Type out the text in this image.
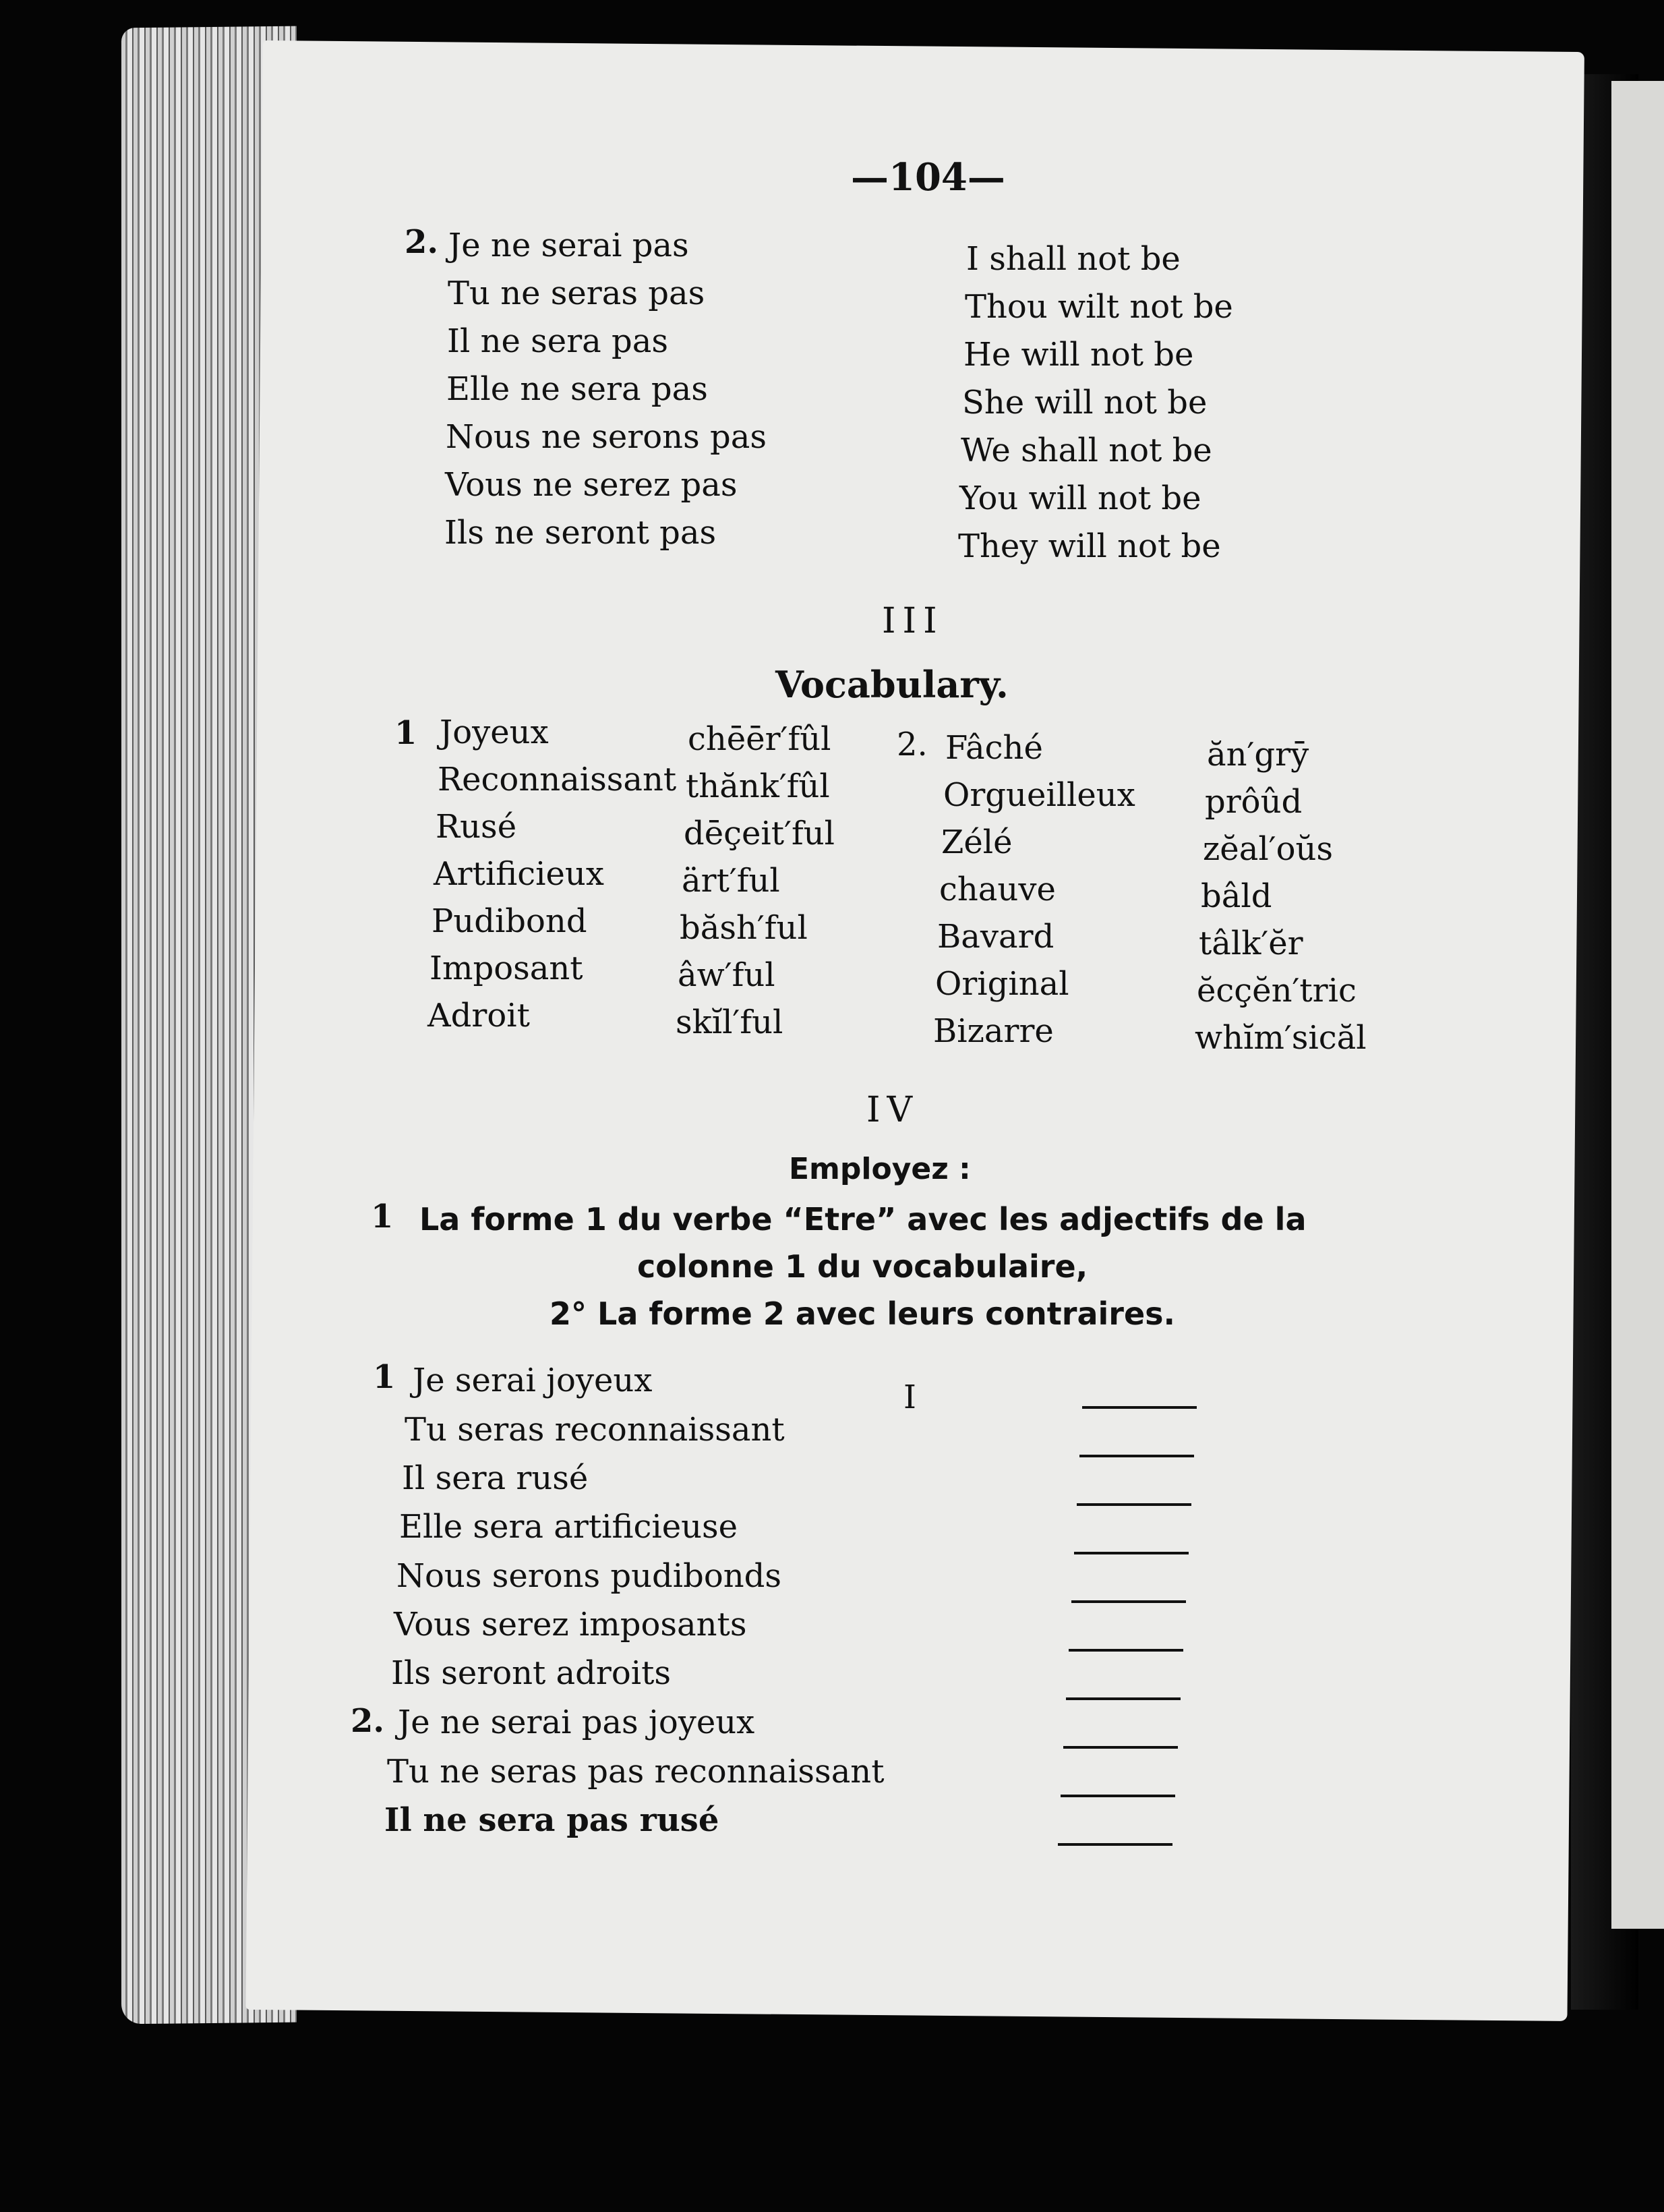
—104—
2. Je ne serai pas
Tu ne seras pas
Il ne sera pas
Elle ne sera pas
Nous ne serons pas
Vous ne serez pas
Ils ne seront pas
I shall not be
Thou wilt not be
He will not be
She will not be
We shall not be
You will not be
They will not be
III
Vocabulary.
1	2.
Joyeux
Reconnaissant
Rusé
Artificieux
Pudibond
Imposant
Adroit
chēēr′fûl
thănk′fûl
dēçeit′ful
ärt′ful
băsh′ful
âw′ful
skĭl′ful
Fâché
Orgueilleux
Zélé
chauve
Bavard
Original
Bizarre
ăn′grȳ
prôûd
zĕal′oŭs
bâld
tâlk′ĕr
ĕcçĕn′tric
whĭm′sicăl
IV
Employez :
1 La forme 1 du verbe “Etre” avec les adjectifs de la
colonne 1 du vocabulaire,
2° La forme 2 avec leurs contraires.
1
2.
I
Je serai joyeux
Tu seras reconnaissant
Il sera rusé
Elle sera artificieuse
Nous serons pudibonds
Vous serez imposants
Ils seront adroits
Je ne serai pas joyeux
Tu ne seras pas reconnaissant
Il ne sera pas rusé
